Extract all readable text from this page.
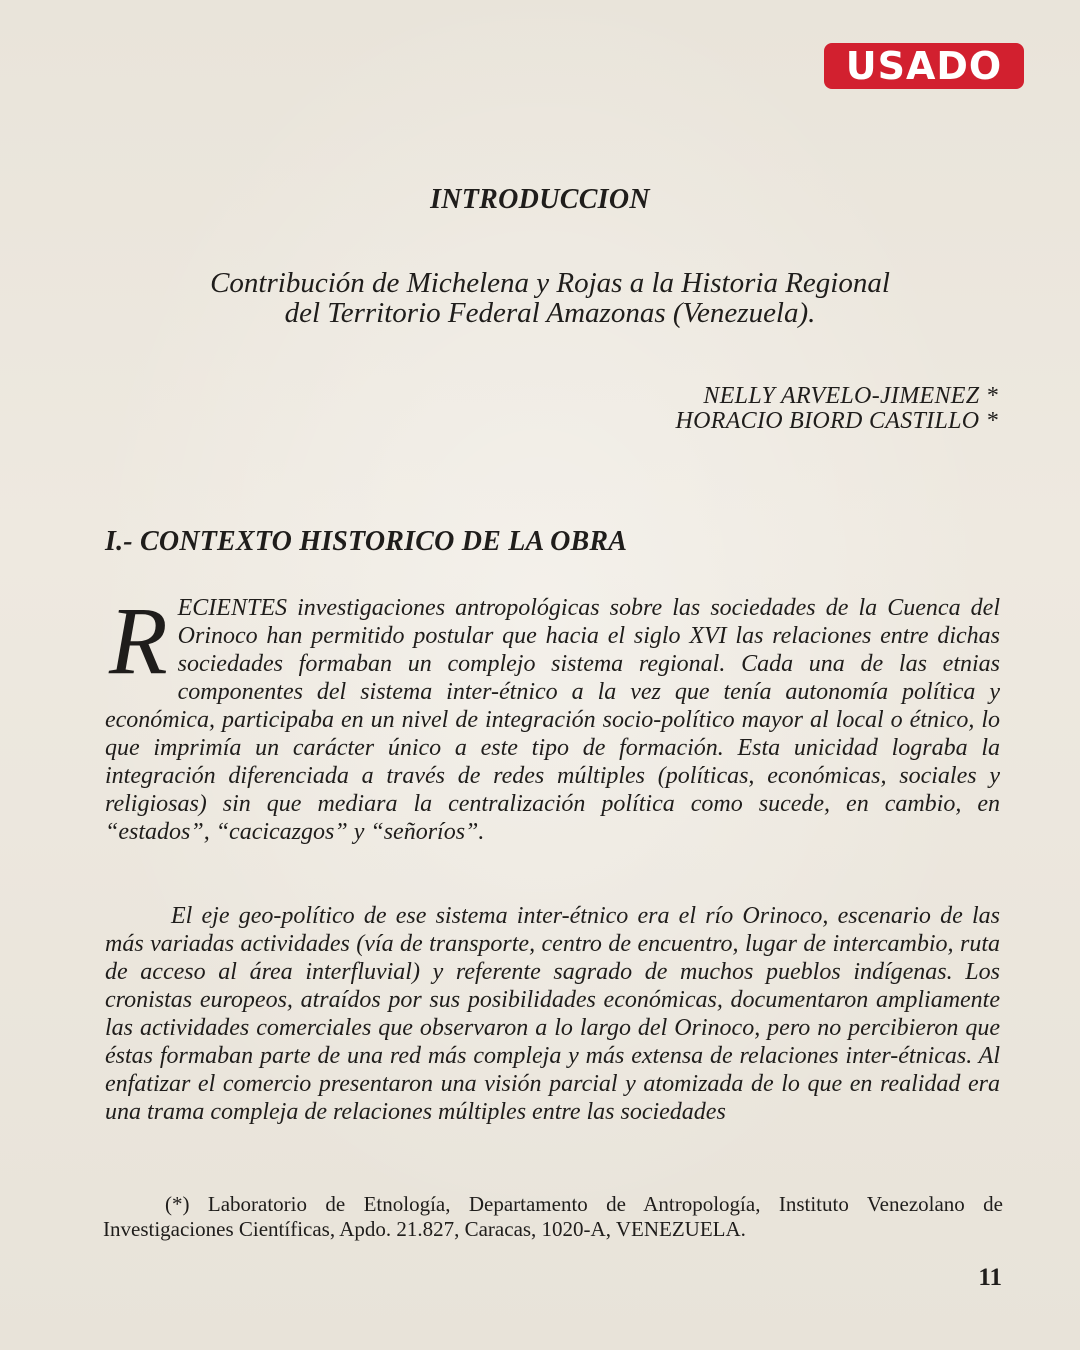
USADO
INTRODUCCION
Contribución de Michelena y Rojas a la Historia Regional
del Territorio Federal Amazonas (Venezuela).
NELLY ARVELO-JIMENEZ *
HORACIO BIORD CASTILLO *
I.- CONTEXTO HISTORICO DE LA OBRA
RECIENTES investigaciones antropológicas sobre las sociedades de la Cuenca del Orinoco han permitido postular que hacia el siglo XVI las relaciones entre dichas sociedades formaban un complejo sistema regional. Cada una de las etnias componentes del sistema inter-étnico a la vez que tenía autonomía política y económica, participaba en un nivel de integración socio-político mayor al local o étnico, lo que imprimía un carácter único a este tipo de formación. Esta unicidad lograba la integración diferenciada a través de redes múltiples (políticas, económicas, sociales y religiosas) sin que mediara la centralización política como sucede, en cambio, en “estados”, “cacicazgos” y “señoríos”.
El eje geo-político de ese sistema inter-étnico era el río Orinoco, escenario de las más variadas actividades (vía de transporte, centro de encuentro, lugar de intercambio, ruta de acceso al área interfluvial) y referente sagrado de muchos pueblos indígenas. Los cronistas europeos, atraídos por sus posibilidades económicas, documentaron ampliamente las actividades comerciales que observaron a lo largo del Orinoco, pero no percibieron que éstas formaban parte de una red más compleja y más extensa de relaciones inter-étnicas. Al enfatizar el comercio presentaron una visión parcial y atomizada de lo que en realidad era una trama compleja de relaciones múltiples entre las sociedades
(*) Laboratorio de Etnología, Departamento de Antropología, Instituto Venezolano de Investigaciones Científicas, Apdo. 21.827, Caracas, 1020-A, VENEZUELA.
11
